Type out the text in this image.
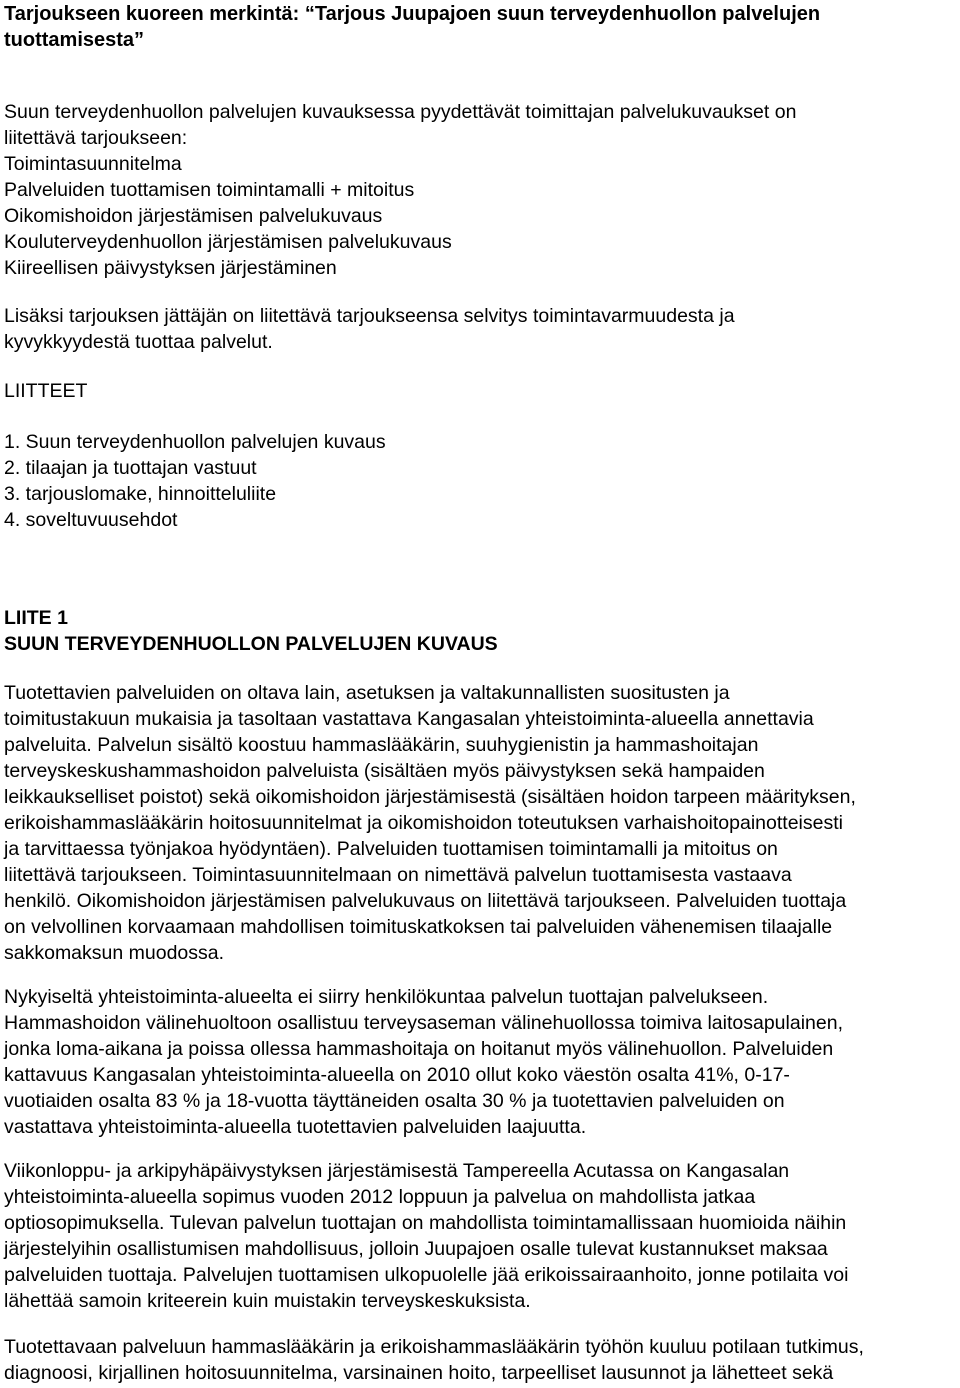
Tarjoukseen kuoreen merkintä: “Tarjous Juupajoen suun terveydenhuollon palvelujen
tuottamisesta”
Suun terveydenhuollon palvelujen kuvauksessa pyydettävät toimittajan palvelukuvaukset on
liitettävä tarjoukseen:
Toimintasuunnitelma
Palveluiden tuottamisen toimintamalli + mitoitus
Oikomishoidon järjestämisen palvelukuvaus
Kouluterveydenhuollon järjestämisen palvelukuvaus
Kiireellisen päivystyksen järjestäminen
Lisäksi tarjouksen jättäjän on liitettävä tarjoukseensa selvitys toimintavarmuudesta ja
kyvykkyydestä tuottaa palvelut.
LIITTEET
1. Suun terveydenhuollon palvelujen kuvaus
2. tilaajan ja tuottajan vastuut
3. tarjouslomake, hinnoitteluliite
4. soveltuvuusehdot
LIITE 1
SUUN TERVEYDENHUOLLON PALVELUJEN KUVAUS
Tuotettavien palveluiden on oltava lain, asetuksen ja valtakunnallisten suositusten ja
toimitustakuun mukaisia ja tasoltaan vastattava Kangasalan yhteistoiminta-alueella annettavia
palveluita. Palvelun sisältö koostuu hammaslääkärin, suuhygienistin ja hammashoitajan
terveyskeskushammashoidon palveluista (sisältäen myös päivystyksen sekä hampaiden
leikkaukselliset poistot) sekä oikomishoidon järjestämisestä (sisältäen hoidon tarpeen määrityksen,
erikoishammaslääkärin hoitosuunnitelmat ja oikomishoidon toteutuksen varhaishoitopainotteisesti
ja tarvittaessa työnjakoa hyödyntäen). Palveluiden tuottamisen toimintamalli ja mitoitus on
liitettävä tarjoukseen. Toimintasuunnitelmaan on nimettävä palvelun tuottamisesta vastaava
henkilö. Oikomishoidon järjestämisen palvelukuvaus on liitettävä tarjoukseen. Palveluiden tuottaja
on velvollinen korvaamaan mahdollisen toimituskatkoksen tai palveluiden vähenemisen tilaajalle
sakkomaksun muodossa.
Nykyiseltä yhteistoiminta-alueelta ei siirry henkilökuntaa palvelun tuottajan palvelukseen.
Hammashoidon välinehuoltoon osallistuu terveysaseman välinehuollossa toimiva laitosapulainen,
jonka loma-aikana ja poissa ollessa hammashoitaja on hoitanut myös välinehuollon. Palveluiden
kattavuus Kangasalan yhteistoiminta-alueella on 2010 ollut koko väestön osalta 41%, 0-17-
vuotiaiden osalta 83 % ja 18-vuotta täyttäneiden osalta 30 % ja tuotettavien palveluiden on
vastattava yhteistoiminta-alueella tuotettavien palveluiden laajuutta.
Viikonloppu- ja arkipyhäpäivystyksen järjestämisestä Tampereella Acutassa on Kangasalan
yhteistoiminta-alueella sopimus vuoden 2012 loppuun ja palvelua on mahdollista jatkaa
optiosopimuksella. Tulevan palvelun tuottajan on mahdollista toimintamallissaan huomioida näihin
järjestelyihin osallistumisen mahdollisuus, jolloin Juupajoen osalle tulevat kustannukset maksaa
palveluiden tuottaja. Palvelujen tuottamisen ulkopuolelle jää erikoissairaanhoito, jonne potilaita voi
lähettää samoin kriteerein kuin muistakin terveyskeskuksista.
Tuotettavaan palveluun hammaslääkärin ja erikoishammaslääkärin työhön kuuluu potilaan tutkimus,
diagnoosi, kirjallinen hoitosuunnitelma, varsinainen hoito, tarpeelliset lausunnot ja lähetteet sekä
